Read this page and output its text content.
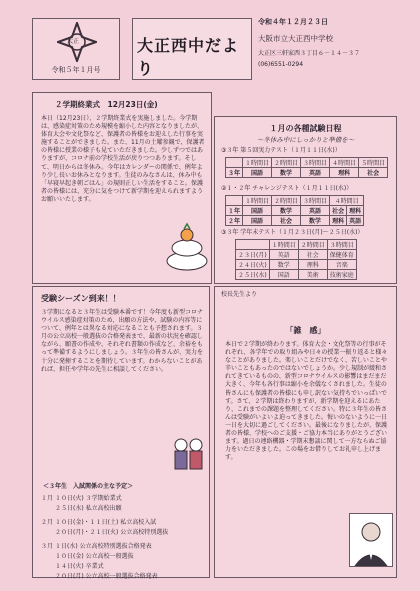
大正
令和５年１月号
大正西中だより
令和４年１２月２３日
大阪市立大正西中学校
大正区三軒家西３丁目６－１４－３７
(06)6551-0294
２学期終業式　12月23日(金)
本日（12月23日）、２学期終業式を実施しました。今学期は、感染症対策のため規模を縮小した内容となりましたが、体育大会や文化祭など、保護者の皆様をお迎えした行事を実施することができました。また、11月の土曜参観で、保護者の皆様に授業の様子も見ていただきました。少しずつではありますが、コロナ前の学校生活が戻りつつあります。そして、明日からは冬休み。今年はカレンダーの関係で、例年より少し長いお休みとなります。生徒のみなさんは、休み中も「早寝早起き朝ごはん」の規則正しい生活をすること。保護者の皆様には、充分に気をつけて新学期を迎えられますようお願いいたします。
１月の各種試験日程
～冬休み中にしっかりと準備を～
③３年 第５回実力テスト（１月１１日(水)）
	１時間目	２時間目	３時間目	４時間目	５時間目
３年	国語	数学	英語	理科	社会
②１・２年 チャレンジテスト（１月１１日(水)）
	１時間目	２時間目	３時間目	４時間目	
１年	国語	数学	英語	社会	理科
２年	国語	社会	数学	理科	英語
③３年 学年末テスト（１月２３日(月)～２５日(水)）
	１時間目	２時間目	３時間目
２３日(月)	英語	社会	保健体育
２４日(火)	数学	理科	音楽
２５日(水)	国語	美術	技術家庭
受験シーズン到来！！
３学期になると３年生は受験本番です！今年度も新型コロナウイルス感染症対策のため、出願の方法や、試験の内容等について、例年とは異なる対応になることも予想されます。３月の公立高校一般選抜の合格発表まで、最新の状況を確認しながら、願書の作成や、それぞれ書類の作成など、余裕をもって準備するようにしましょう。３年生の皆さんが、実力を十分に発揮することを期待しています。わからないことがあれば、担任や学年の先生に相談してください。
＜３年生　入試関係の主な予定＞
１月 １０日(火) ３学期始業式
２５日(水) 私立高校出願
２月 １０日(金)・１１日(土) 私立高校入試
２０日(月)・２１日(火) 公立高校特別選抜
３月 １日(水) 公立高校特別選抜合格発表
１０日(金) 公立高校一般選抜
１４日(火) 卒業式
２０日(月) 公立高校一般選抜合格発表
校長先生より
「雑　感」
本日で２学期が終わります。体育大会・文化祭等の行事がそれぞれ、各学年での取り組みや日々の授業一振り返ると様々なことがありました。楽しいことだけでなく、苦しいことや辛いこともあったのではないでしょうか。少し規制が緩和されてきているものの、新型コロナウイルスの影響はまだまだ大きく、今年も各行事は縮小を余儀なくされました。生徒の皆さんにも保護者の皆様にも申し訳ない気持ちでいっぱいです。さて、２学期は終わりますが、新学期を迎えるにあたり、これまでの課題を整理してください。特に３年生の皆さんは受験がいよいよ迫ってきました。悔いのないように一日一日を大切に過ごしてください。最後になりましたが、保護者の皆様、学校へのご支援・ご協力本当にありがとうございます。過日の連絡機器・学期末懇談に関して一方ならぬご協力をいただきました。この場をお借りしてお礼申し上げます。
